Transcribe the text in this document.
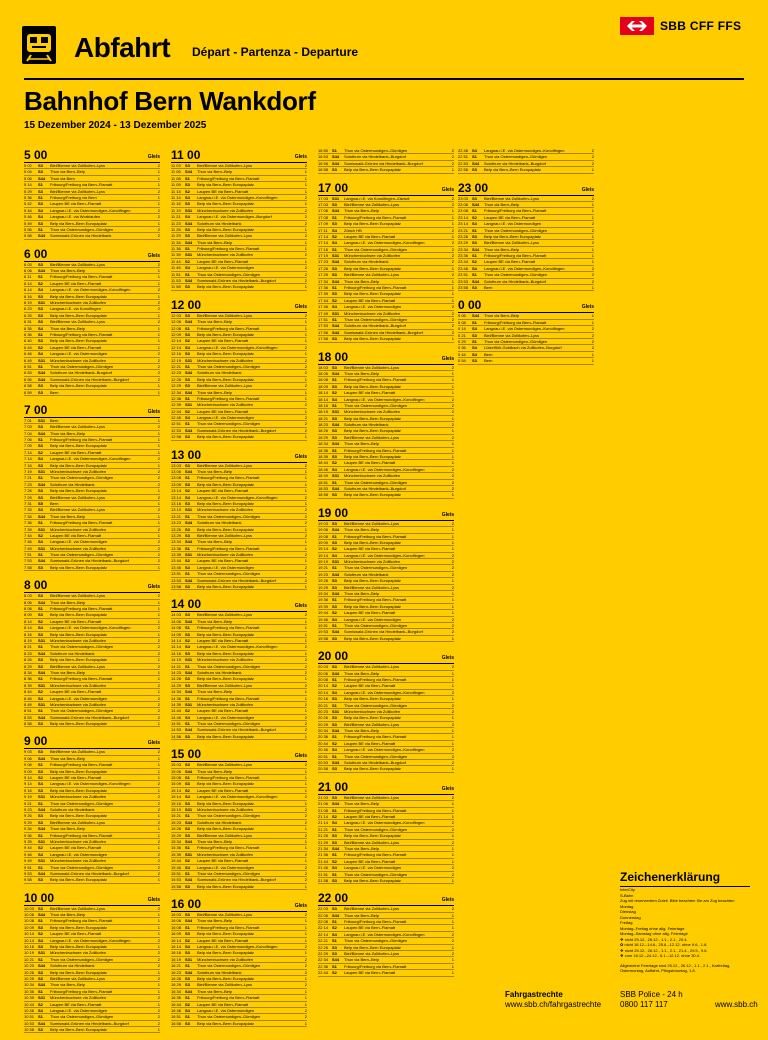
Abfahrt Départ - Partenza - Departure
SBB CFF FFS
Bahnhof Bern Wankdorf
15 Dezember 2024 - 13 Dezember 2025
5 00	Gleis
5 02	S3	Biel/Bienne via Zollikofen–Lyss	2
5 04	S3	Thun via Bern–Belp	1
5 06	S44	Thun via Bern	1
5 14	S1	Fribourg/Freiburg via Bern–Flamatt	1
5 29	S3	Biel/Bienne via Zollikofen–Lyss	2
5 36	S1	Fribourg/Freiburg via Bern	1
5 42	S3	Laupen BE via Bern–Flamatt	1
5 44	S4	Langnau i.E. via Ostermundigen–Konolfingen	2
5 46	S4	Langnau i.E. via Worblaufen	2
5 49	S3	Belp via Bern–Bern Europaplatz	1
5 56	S1	Thun via Ostermundigen–Gümligen	2
5 58	S44	Sumiswald-Grünen via Hindelbank	2
6 00	Gleis
6 03	S3	Biel/Bienne via Zollikofen–Lyss	2
6 06	S44	Thun via Bern–Belp	1
6 11	S1	Fribourg/Freiburg via Bern–Flamatt	1
6 14	S2	Laupen BE via Bern–Flamatt	1
6 14	S4	Langnau i.E. via Ostermundigen–Konolfingen	2
6 16	S3	Belp via Bern–Bern Europaplatz	1
6 19	S31	Münchenbuchsee via Zollikofen	2
6 23	S3	Langnau i.E. via Konolfingen	2
6 25	S3	Belp via Bern–Bern Europaplatz	1
6 31	S3	Biel/Bienne via Zollikofen–Lyss	2
6 35	S4	Thun via Bern–Belp	1
6 36	S1	Fribourg/Freiburg via Bern–Flamatt	1
6 40	S3	Belp via Bern–Bern Europaplatz	1
6 44	S2	Laupen BE via Bern–Flamatt	1
6 46	S4	Langnau i.E. via Ostermundigen	2
6 49	S31	Münchenbuchsee via Zollikofen	2
6 51	S1	Thun via Ostermundigen–Gümligen	2
6 53	S44	Solothurn via Hindelbank–Burgdorf	2
6 56	S44	Sumiswald-Grünen via Hindelbank–Burgdorf	2
6 58	S3	Belp via Bern–Bern Europaplatz	1
6 59	S3	Bern	1
7 00	Gleis
7 01	S31	Bern	1
7 03	S3	Biel/Bienne via Zollikofen–Lyss	2
7 04	S44	Thun via Bern–Belp	1
7 06	S1	Fribourg/Freiburg via Bern–Flamatt	1
7 09	S3	Belp via Bern–Bern Europaplatz	1
7 14	S2	Laupen BE via Bern–Flamatt	1
7 14	S4	Langnau i.E. via Ostermundigen–Konolfingen	2
7 16	S3	Belp via Bern–Bern Europaplatz	1
7 19	S31	Münchenbuchsee via Zollikofen	2
7 21	S1	Thun via Ostermundigen–Gümligen	2
7 23	S44	Solothurn via Hindelbank	2
7 26	S3	Belp via Bern–Bern Europaplatz	1
7 29	S3	Biel/Bienne via Zollikofen–Lyss	2
7 31	S5	Bern	1
7 33	S3	Biel/Bienne via Zollikofen–Lyss	2
7 34	S44	Thun via Bern–Belp	1
7 36	S1	Fribourg/Freiburg via Bern–Flamatt	1
7 39	S31	Münchenbuchsee via Zollikofen	2
7 44	S2	Laupen BE via Bern–Flamatt	1
7 46	S4	Langnau i.E. via Ostermundigen	2
7 49	S31	Münchenbuchsee via Zollikofen	2
7 51	S1	Thun via Ostermundigen–Gümligen	2
7 53	S44	Sumiswald-Grünen via Hindelbank–Burgdorf	2
7 58	S3	Belp via Bern–Bern Europaplatz	1
8 00	Gleis
8 03	S3	Biel/Bienne via Zollikofen–Lyss	2
8 06	S44	Thun via Bern–Belp	1
8 08	S1	Fribourg/Freiburg via Bern–Flamatt	1
8 09	S3	Belp via Bern–Bern Europaplatz	1
8 14	S2	Laupen BE via Bern–Flamatt	1
8 14	S4	Langnau i.E. via Ostermundigen–Konolfingen	2
8 16	S3	Belp via Bern–Bern Europaplatz	1
8 19	S31	Münchenbuchsee via Zollikofen	2
8 21	S1	Thun via Ostermundigen–Gümligen	2
8 23	S44	Solothurn via Hindelbank	2
8 26	S3	Belp via Bern–Bern Europaplatz	1
8 29	S3	Biel/Bienne via Zollikofen–Lyss	2
8 34	S44	Thun via Bern–Belp	1
8 36	S1	Fribourg/Freiburg via Bern–Flamatt	1
8 39	S31	Münchenbuchsee via Zollikofen	2
8 44	S2	Laupen BE via Bern–Flamatt	1
8 46	S4	Langnau i.E. via Ostermundigen	2
8 49	S31	Münchenbuchsee via Zollikofen	2
8 51	S1	Thun via Ostermundigen–Gümligen	2
8 53	S44	Sumiswald-Grünen via Hindelbank–Burgdorf	2
8 58	S3	Belp via Bern–Bern Europaplatz	1
9 00	Gleis
9 03	S3	Biel/Bienne via Zollikofen–Lyss	2
9 06	S44	Thun via Bern–Belp	1
9 08	S1	Fribourg/Freiburg via Bern–Flamatt	1
9 09	S3	Belp via Bern–Bern Europaplatz	1
9 14	S2	Laupen BE via Bern–Flamatt	1
9 14	S4	Langnau i.E. via Ostermundigen–Konolfingen	2
9 16	S3	Belp via Bern–Bern Europaplatz	1
9 19	S31	Münchenbuchsee via Zollikofen	2
9 21	S1	Thun via Ostermundigen–Gümligen	2
9 23	S44	Solothurn via Hindelbank	2
9 26	S3	Belp via Bern–Bern Europaplatz	1
9 29	S3	Biel/Bienne via Zollikofen–Lyss	2
9 34	S44	Thun via Bern–Belp	1
9 36	S1	Fribourg/Freiburg via Bern–Flamatt	1
9 39	S31	Münchenbuchsee via Zollikofen	2
9 44	S2	Laupen BE via Bern–Flamatt	1
9 46	S4	Langnau i.E. via Ostermundigen	2
9 49	S31	Münchenbuchsee via Zollikofen	2
9 51	S1	Thun via Ostermundigen–Gümligen	2
9 53	S44	Sumiswald-Grünen via Hindelbank–Burgdorf	2
9 58	S3	Belp via Bern–Bern Europaplatz	1
10 00	Gleis
10 03 S3	Biel/Bienne via Zollikofen–Lyss	2
10 06 S44	Thun via Bern–Belp	1
10 08 S1	Fribourg/Freiburg via Bern–Flamatt	1
10 09 S3	Belp via Bern–Bern Europaplatz	1
10 14 S2	Laupen BE via Bern–Flamatt	1
10 14 S4	Langnau i.E. via Ostermundigen–Konolfingen	2
10 16 S3	Belp via Bern–Bern Europaplatz	1
10 19 S31	Münchenbuchsee via Zollikofen	2
10 21 S1	Thun via Ostermundigen–Gümligen	2
10 23 S44	Solothurn via Hindelbank	2
10 26 S3	Belp via Bern–Bern Europaplatz	1
10 29 S3	Biel/Bienne via Zollikofen–Lyss	2
10 34 S44	Thun via Bern–Belp	1
10 36 S1	Fribourg/Freiburg via Bern–Flamatt	1
10 39 S31	Münchenbuchsee via Zollikofen	2
10 44 S2	Laupen BE via Bern–Flamatt	1
10 46 S4	Langnau i.E. via Ostermundigen	2
10 51 S1	Thun via Ostermundigen–Gümligen	2
10 53 S44	Sumiswald-Grünen via Hindelbank–Burgdorf	2
10 58 S3	Belp via Bern–Bern Europaplatz	1
11 00	Gleis
11 03	S3	Biel/Bienne via Zollikofen–Lyss	2
11 06	S44	Thun via Bern–Belp	1
11 08	S1	Fribourg/Freiburg via Bern–Flamatt	1
11 09	S3	Belp via Bern–Bern Europaplatz	1
11 14	S2	Laupen BE via Bern–Flamatt	1
11 14	S4	Langnau i.E. via Ostermundigen–Konolfingen	2
11 16	S3	Belp via Bern–Bern Europaplatz	1
11 19	S31	Münchenbuchsee via Zollikofen	2
11 21	S4	Langnau i.E. via Ostermundigen–Burgdorf	2
11 23	S44	Solothurn via Hindelbank	2
11 26	S3	Belp via Bern–Bern Europaplatz	1
11 29	S3	Biel/Bienne via Zollikofen–Lyss	2
11 34	S44	Thun via Bern–Belp	1
11 36	S1	Fribourg/Freiburg via Bern–Flamatt	1
11 39	S31	Münchenbuchsee via Zollikofen	2
11 44	S2	Laupen BE via Bern–Flamatt	1
11 46	S4	Langnau i.E. via Ostermundigen	2
11 51	S1	Thun via Ostermundigen–Gümligen	2
11 53	S44	Sumiswald-Grünen via Hindelbank–Burgdorf	2
11 58	S3	Belp via Bern–Bern Europaplatz	1
12 00	Gleis
12 03 S3	Biel/Bienne via Zollikofen–Lyss	2
12 06 S44	Thun via Bern–Belp	1
12 08 S1	Fribourg/Freiburg via Bern–Flamatt	1
12 09 S3	Belp via Bern–Bern Europaplatz	1
12 14 S2	Laupen BE via Bern–Flamatt	1
12 14 S4	Langnau i.E. via Ostermundigen–Konolfingen	2
12 16 S3	Belp via Bern–Bern Europaplatz	1
12 19 S31	Münchenbuchsee via Zollikofen	2
12 21 S1	Thun via Ostermundigen–Gümligen	2
12 23 S44	Solothurn via Hindelbank	2
12 26 S3	Belp via Bern–Bern Europaplatz	1
12 29 S3	Biel/Bienne via Zollikofen–Lyss	2
12 34 S44	Thun via Bern–Belp	1
12 36 S1	Fribourg/Freiburg via Bern–Flamatt	1
12 39 S31	Münchenbuchsee via Zollikofen	2
12 44 S2	Laupen BE via Bern–Flamatt	1
12 46 S4	Langnau i.E. via Ostermundigen	2
12 51 S1	Thun via Ostermundigen–Gümligen	2
12 53 S44	Sumiswald-Grünen via Hindelbank–Burgdorf	2
12 58 S3	Belp via Bern–Bern Europaplatz	1
13 00	Gleis
13 03 S3	Biel/Bienne via Zollikofen–Lyss	2
13 06 S44	Thun via Bern–Belp	1
13 08 S1	Fribourg/Freiburg via Bern–Flamatt	1
13 09 S3	Belp via Bern–Bern Europaplatz	1
13 14 S2	Laupen BE via Bern–Flamatt	1
13 14 S4	Langnau i.E. via Ostermundigen–Konolfingen	2
13 16 S3	Belp via Bern–Bern Europaplatz	1
13 19 S31	Münchenbuchsee via Zollikofen	2
13 21 S1	Thun via Ostermundigen–Gümligen	2
13 23 S44	Solothurn via Hindelbank	2
13 26 S3	Belp via Bern–Bern Europaplatz	1
13 29 S3	Biel/Bienne via Zollikofen–Lyss	2
13 34 S44	Thun via Bern–Belp	1
13 36 S1	Fribourg/Freiburg via Bern–Flamatt	1
13 39 S31	Münchenbuchsee via Zollikofen	2
13 44 S2	Laupen BE via Bern–Flamatt	1
13 46 S4	Langnau i.E. via Ostermundigen	2
13 51 S1	Thun via Ostermundigen–Gümligen	2
13 53 S44	Sumiswald-Grünen via Hindelbank–Burgdorf	2
13 58 S3	Belp via Bern–Bern Europaplatz	1
14 00	Gleis
14 03 S3	Biel/Bienne via Zollikofen–Lyss	2
14 06 S44	Thun via Bern–Belp	1
14 08 S1	Fribourg/Freiburg via Bern–Flamatt	1
14 09 S3	Belp via Bern–Bern Europaplatz	1
14 14 S2	Laupen BE via Bern–Flamatt	1
14 14 S4	Langnau i.E. via Ostermundigen–Konolfingen	2
14 16 S3	Belp via Bern–Bern Europaplatz	1
14 19 S31	Münchenbuchsee via Zollikofen	2
14 21 S1	Thun via Ostermundigen–Gümligen	2
14 23 S44	Solothurn via Hindelbank	2
14 26 S3	Belp via Bern–Bern Europaplatz	1
14 29 S3	Biel/Bienne via Zollikofen–Lyss	2
14 34 S44	Thun via Bern–Belp	1
14 36 S1	Fribourg/Freiburg via Bern–Flamatt	1
14 39 S31	Münchenbuchsee via Zollikofen	2
14 44 S2	Laupen BE via Bern–Flamatt	1
14 46 S4	Langnau i.E. via Ostermundigen	2
14 51 S1	Thun via Ostermundigen–Gümligen	2
14 53 S44	Sumiswald-Grünen via Hindelbank–Burgdorf	2
14 58 S3	Belp via Bern–Bern Europaplatz	1
15 00	Gleis
15 03 S3	Biel/Bienne via Zollikofen–Lyss	2
15 06 S44	Thun via Bern–Belp	1
15 08 S1	Fribourg/Freiburg via Bern–Flamatt	1
15 09 S3	Belp via Bern–Bern Europaplatz	1
15 14 S2	Laupen BE via Bern–Flamatt	1
15 14 S4	Langnau i.E. via Ostermundigen–Konolfingen	2
15 16 S3	Belp via Bern–Bern Europaplatz	1
15 19 S31	Münchenbuchsee via Zollikofen	2
15 21 S1	Thun via Ostermundigen–Gümligen	2
15 23 S44	Solothurn via Hindelbank	2
15 26 S3	Belp via Bern–Bern Europaplatz	1
15 29 S3	Biel/Bienne via Zollikofen–Lyss	2
15 34 S44	Thun via Bern–Belp	1
15 36 S1	Fribourg/Freiburg via Bern–Flamatt	1
15 39 S31	Münchenbuchsee via Zollikofen	2
15 44 S2	Laupen BE via Bern–Flamatt	1
15 46 S4	Langnau i.E. via Ostermundigen	2
15 51 S1	Thun via Ostermundigen–Gümligen	2
15 53 S44	Sumiswald-Grünen via Hindelbank–Burgdorf	2
15 58 S3	Belp via Bern–Bern Europaplatz	1
16 00	Gleis
16 03 S3	Biel/Bienne via Zollikofen–Lyss	2
16 06 S44	Thun via Bern–Belp	1
16 08 S1	Fribourg/Freiburg via Bern–Flamatt	1
16 09 S3	Belp via Bern–Bern Europaplatz	1
16 14 S2	Laupen BE via Bern–Flamatt	1
16 14 S4	Langnau i.E. via Ostermundigen–Konolfingen	2
16 16 S3	Belp via Bern–Bern Europaplatz	1
16 19 S31	Münchenbuchsee via Zollikofen	2
16 21 S1	Thun via Ostermundigen–Gümligen	2
16 23 S44	Solothurn via Hindelbank	2
16 26 S3	Belp via Bern–Bern Europaplatz	1
16 29 S3	Biel/Bienne via Zollikofen–Lyss	2
16 34 S44	Thun via Bern–Belp	1
16 36 S1	Fribourg/Freiburg via Bern–Flamatt	1
16 44 S2	Laupen BE via Bern–Flamatt	1
16 46 S4	Langnau i.E. via Ostermundigen	2
16 51 S1	Thun via Ostermundigen–Gümligen	2
16 58 S3	Belp via Bern–Bern Europaplatz	1
16 50 S1	Thun via Ostermundigen–Gümligen	2
16 53 S44	Solothurn via Hindelbank–Burgdorf	2
16 56 S44	Sumiswald-Grünen via Hindelbank–Burgdorf	2
16 58 S3	Belp via Bern–Bern Europaplatz	1
17 00	Gleis
17 03 S31	Langnau i.E. via Konolfingen–Zäziwil	2
17 03 S3	Biel/Bienne via Zollikofen–Lyss	2
17 06 S44	Thun via Bern–Belp	1
17 08 S1	Fribourg/Freiburg via Bern–Flamatt	1
17 09 S3	Belp via Bern–Bern Europaplatz	1
17 11	S4	Zürich HB	2
17 14 S2	Laupen BE via Bern–Flamatt	1
17 14 S4	Langnau i.E. via Ostermundigen–Konolfingen	2
17 16 S1	Thun via Ostermundigen–Gümligen	2
17 19 S31	Münchenbuchsee via Zollikofen	2
17 23 S44	Solothurn via Hindelbank	2
17 26 S3	Belp via Bern–Bern Europaplatz	1
17 29 S3	Biel/Bienne via Zollikofen–Lyss	2
17 34 S44	Thun via Bern–Belp	1
17 36 S1	Fribourg/Freiburg via Bern–Flamatt	1
17 39 S3	Belp via Bern–Bern Europaplatz	1
17 44 S2	Laupen BE via Bern–Flamatt	1
17 46 S4	Langnau i.E. via Ostermundigen	2
17 49 S31	Münchenbuchsee via Zollikofen	2
17 51 S1	Thun via Ostermundigen–Gümligen	2
17 53 S44	Solothurn via Hindelbank–Burgdorf	2
17 56 S44	Sumiswald-Grünen via Hindelbank–Burgdorf	2
17 58 S3	Belp via Bern–Bern Europaplatz	1
18 00	Gleis
18 03 S3	Biel/Bienne via Zollikofen–Lyss	2
18 06 S44	Thun via Bern–Belp	1
18 08 S1	Fribourg/Freiburg via Bern–Flamatt	1
18 09 S3	Belp via Bern–Bern Europaplatz	1
18 14 S2	Laupen BE via Bern–Flamatt	1
18 14 S4	Langnau i.E. via Ostermundigen–Konolfingen	2
18 16 S1	Thun via Ostermundigen–Gümligen	2
18 19 S31	Münchenbuchsee via Zollikofen	2
18 21 S3	Belp via Bern–Bern Europaplatz	1
18 23 S44	Solothurn via Hindelbank	2
18 26 S3	Belp via Bern–Bern Europaplatz	1
18 29 S3	Biel/Bienne via Zollikofen–Lyss	2
18 34 S44	Thun via Bern–Belp	1
18 36 S1	Fribourg/Freiburg via Bern–Flamatt	1
18 39 S3	Belp via Bern–Bern Europaplatz	1
18 44 S2	Laupen BE via Bern–Flamatt	1
18 46 S4	Langnau i.E. via Ostermundigen–Konolfingen	2
18 49 S31	Münchenbuchsee via Zollikofen	2
18 51 S1	Thun via Ostermundigen–Gümligen	2
18 53 S44	Solothurn via Hindelbank–Burgdorf	2
18 58 S3	Belp via Bern–Bern Europaplatz	1
19 00	Gleis
19 03 S3	Biel/Bienne via Zollikofen–Lyss	2
19 06 S44	Thun via Bern–Belp	1
19 08 S1	Fribourg/Freiburg via Bern–Flamatt	1
19 09 S3	Belp via Bern–Bern Europaplatz	1
19 14 S2	Laupen BE via Bern–Flamatt	1
19 14 S4	Langnau i.E. via Ostermundigen–Konolfingen	2
19 19 S31	Münchenbuchsee via Zollikofen	2
19 21 S1	Thun via Ostermundigen–Gümligen	2
19 23 S44	Solothurn via Hindelbank	2
19 26 S3	Belp via Bern–Bern Europaplatz	1
19 29 S3	Biel/Bienne via Zollikofen–Lyss	2
19 34 S44	Thun via Bern–Belp	1
19 36 S1	Fribourg/Freiburg via Bern–Flamatt	1
19 39 S3	Belp via Bern–Bern Europaplatz	1
19 44 S2	Laupen BE via Bern–Flamatt	1
19 46 S4	Langnau i.E. via Ostermundigen	2
19 51 S1	Thun via Ostermundigen–Gümligen	2
19 53 S44	Sumiswald-Grünen via Hindelbank–Burgdorf	2
19 58 S3	Belp via Bern–Bern Europaplatz	1
20 00	Gleis
20 03 S3	Biel/Bienne via Zollikofen–Lyss	2
20 06 S44	Thun via Bern–Belp	1
20 08 S1	Fribourg/Freiburg via Bern–Flamatt	1
20 14 S2	Laupen BE via Bern–Flamatt	1
20 14 S4	Langnau i.E. via Ostermundigen–Konolfingen	2
20 16 S3	Belp via Bern–Bern Europaplatz	1
20 21 S1	Thun via Ostermundigen–Gümligen	2
20 23 S31	Münchenbuchsee via Zollikofen	2
20 26 S3	Belp via Bern–Bern Europaplatz	1
20 29 S3	Biel/Bienne via Zollikofen–Lyss	2
20 34 S44	Thun via Bern–Belp	1
20 36 S1	Fribourg/Freiburg via Bern–Flamatt	1
20 44 S2	Laupen BE via Bern–Flamatt	1
20 46 S4	Langnau i.E. via Ostermundigen–Konolfingen	2
20 51 S1	Thun via Ostermundigen–Gümligen	2
20 53 S44	Solothurn via Hindelbank–Burgdorf	2
20 58 S3	Belp via Bern–Bern Europaplatz	1
21 00	Gleis
21 03 S3	Biel/Bienne via Zollikofen–Lyss	2
21 06 S44	Thun via Bern–Belp	1
21 08 S1	Fribourg/Freiburg via Bern–Flamatt	1
21 14 S2	Laupen BE via Bern–Flamatt	1
21 14 S4	Langnau i.E. via Ostermundigen–Konolfingen	2
21 21 S1	Thun via Ostermundigen–Gümligen	2
21 26 S3	Belp via Bern–Bern Europaplatz	1
21 29 S3	Biel/Bienne via Zollikofen–Lyss	2
21 34 S44	Thun via Bern–Belp	1
21 36 S1	Fribourg/Freiburg via Bern–Flamatt	1
21 44 S2	Laupen BE via Bern–Flamatt	1
21 46 S4	Langnau i.E. via Ostermundigen	2
21 51 S1	Thun via Ostermundigen–Gümligen	2
21 58 S3	Belp via Bern–Bern Europaplatz	1
22 00	Gleis
22 03 S3	Biel/Bienne via Zollikofen–Lyss	2
22 06 S44	Thun via Bern–Belp	1
22 08 S1	Fribourg/Freiburg via Bern–Flamatt	1
22 14 S2	Laupen BE via Bern–Flamatt	1
22 14 S4	Langnau i.E. via Ostermundigen–Konolfingen	2
22 21 S1	Thun via Ostermundigen–Gümligen	2
22 26 S3	Belp via Bern–Bern Europaplatz	1
22 29 S3	Biel/Bienne via Zollikofen–Lyss	2
22 34 S44	Thun via Bern–Belp	1
22 36 S1	Fribourg/Freiburg via Bern–Flamatt	1
22 44 S2	Laupen BE via Bern–Flamatt	1
22 46 S4	Langnau i.E. via Ostermundigen–Konolfingen	2
22 51 S1	Thun via Ostermundigen–Gümligen	2
22 53 S44	Solothurn via Hindelbank–Burgdorf	2
22 58 S3	Belp via Bern–Bern Europaplatz	1
23 00	Gleis
23 03 S3	Biel/Bienne via Zollikofen–Lyss	2
23 06 S44	Thun via Bern–Belp	1
23 08 S1	Fribourg/Freiburg via Bern–Flamatt	1
23 14 S2	Laupen BE via Bern–Flamatt	1
23 14 S4	Langnau i.E. via Ostermundigen	2
23 21 S1	Thun via Ostermundigen–Gümligen	2
23 26 S3	Belp via Bern–Bern Europaplatz	1
23 29 S3	Biel/Bienne via Zollikofen–Lyss	2
23 34 S44	Thun via Bern–Belp	1
23 36 S1	Fribourg/Freiburg via Bern–Flamatt	1
23 44 S2	Laupen BE via Bern–Flamatt	1
23 46 S4	Langnau i.E. via Ostermundigen–Konolfingen	2
23 51 S1	Thun via Ostermundigen–Gümligen	2
23 53 S44	Solothurn via Hindelbank–Burgdorf	2
23 58 S3	Bern	1
0 00	Gleis
0 06	S44	Thun via Bern–Belp	1
0 08	S1	Fribourg/Freiburg via Bern–Flamatt	1
0 14	S4	Langnau i.E. via Ostermundigen–Konolfingen	2
0 21	S3	Biel/Bienne via Zollikofen–Lyss	2
0 29	S1	Thun via Ostermundigen–Gümligen	2
0 36	S4	Lützelflüh-Goldbach via Zollikofen–Burgdorf	2
0 44	S4	Bern	1
0 54	S3	Bern	1
Zeichenerklärung
InterCity
S-Bahn
Zug mit reserviertem Zuteil. Bitte beachten Sie am Zug beachten
Montag
Dienstag
Donnerstag
Freitag
Montag–Freitag ohne allg. Feiertage
Montag–Samstag ohne allg. Feiertage
❖ nicht 25.12., 26.12., 1.1., 2.1., 20.4.
✿ nicht 16.12.–14.6., 25.6.–12.12. ohne 9.6., 1.8.
❖ nicht 25.12., 26.12., 1.1., 2.1., 21.4., 29.5., 9.6.
❖ vom 16.12.–24.12., 6.1.–12.12. ohne 30.4.
Allgemeine Feiertage sind 25.12., 26.12., 1.1., 2.1., Karfreitag, Ostermontag, Auffahrt, Pfingstmontag, 1.8.
Fahrgastrechte
www.sbb.ch/fahrgastrechte
SBB Police - 24 h
0800 117 117	www.sbb.ch
